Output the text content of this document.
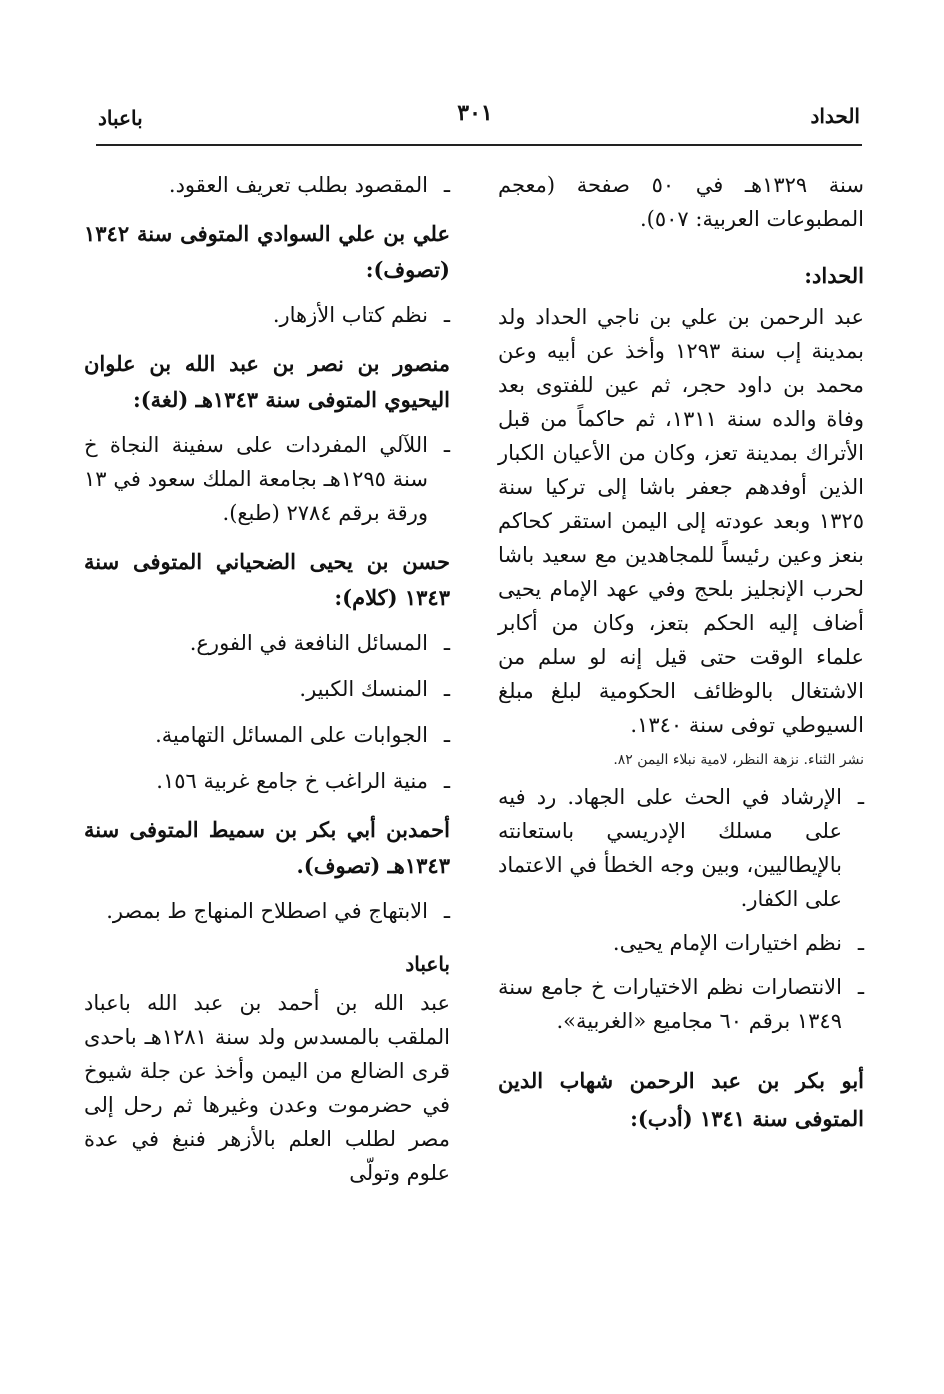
الحداد
٣٠١
باعباد

سنة ١٣٢٩هـ في ٥٠ صفحة (معجم المطبوعات العربية: ٥٠٧).

الحداد:

عبد الرحمن بن علي بن ناجي الحداد ولد بمدينة إب سنة ١٢٩٣ وأخذ عن أبيه وعن محمد بن داود حجر، ثم عين للفتوى بعد وفاة والده سنة ١٣١١، ثم حاكماً من قبل الأتراك بمدينة تعز، وكان من الأعيان الكبار الذين أوفدهم جعفر باشا إلى تركيا سنة ١٣٢٥ وبعد عودته إلى اليمن استقر كحاكم بنعز وعين رئيساً للمجاهدين مع سعيد باشا لحرب الإنجليز بلحج وفي عهد الإمام يحيى أضاف إليه الحكم بتعز، وكان من أكابر علماء الوقت حتى قيل إنه لو سلم من الاشتغال بالوظائف الحكومية لبلغ مبلغ السيوطي توفى سنة ١٣٤٠.

نشر الثناء. نزهة النظر، لامية نبلاء اليمن ٨٢.
ـ
الإرشاد في الحث على الجهاد. رد فيه على مسلك الإدريسي باستعانته بالإيطاليين، وبين وجه الخطأ في الاعتماد على الكفار.
ـ
نظم اختيارات الإمام يحيى.
ـ
الانتصارات نظم الاختيارات خ جامع سنة ١٣٤٩ برقم ٦٠ مجاميع «الغربية».
أبو بكر بن عبد الرحمن شهاب الدين المتوفى سنة ١٣٤١ (أدب):
ـ
المقصود بطلب تعريف العقود.
علي بن علي السوادي المتوفى سنة ١٣٤٢ (تصوف):
ـ
نظم كتاب الأزهار.
منصور بن نصر بن عبد الله بن علوان اليحيوي المتوفى سنة ١٣٤٣هـ (لغة):
ـ
اللآلي المفردات على سفينة النجاة خ سنة ١٢٩٥هـ بجامعة الملك سعود في ١٣ ورقة برقم ٢٧٨٤ (طبع).
حسن بن يحيى الضحياني المتوفى سنة ١٣٤٣ (كلام):
ـ
المسائل النافعة في الفورع.
ـ
المنسك الكبير.
ـ
الجوابات على المسائل التهامية.
ـ
منية الراغب خ جامع غربية ١٥٦.
أحمدبن أبي بكر بن سميط المتوفى سنة ١٣٤٣هـ (تصوف).
ـ
الابتهاج في اصطلاح المنهاج ط بمصر.
باعباد

عبد الله بن أحمد بن عبد الله باعباد الملقب بالمسدس ولد سنة ١٢٨١هـ باحدى قرى الضالع من اليمن وأخذ عن جلة شيوخ في حضرموت وعدن وغيرها ثم رحل إلى مصر لطلب العلم بالأزهر فنبغ في عدة علوم وتولّى
